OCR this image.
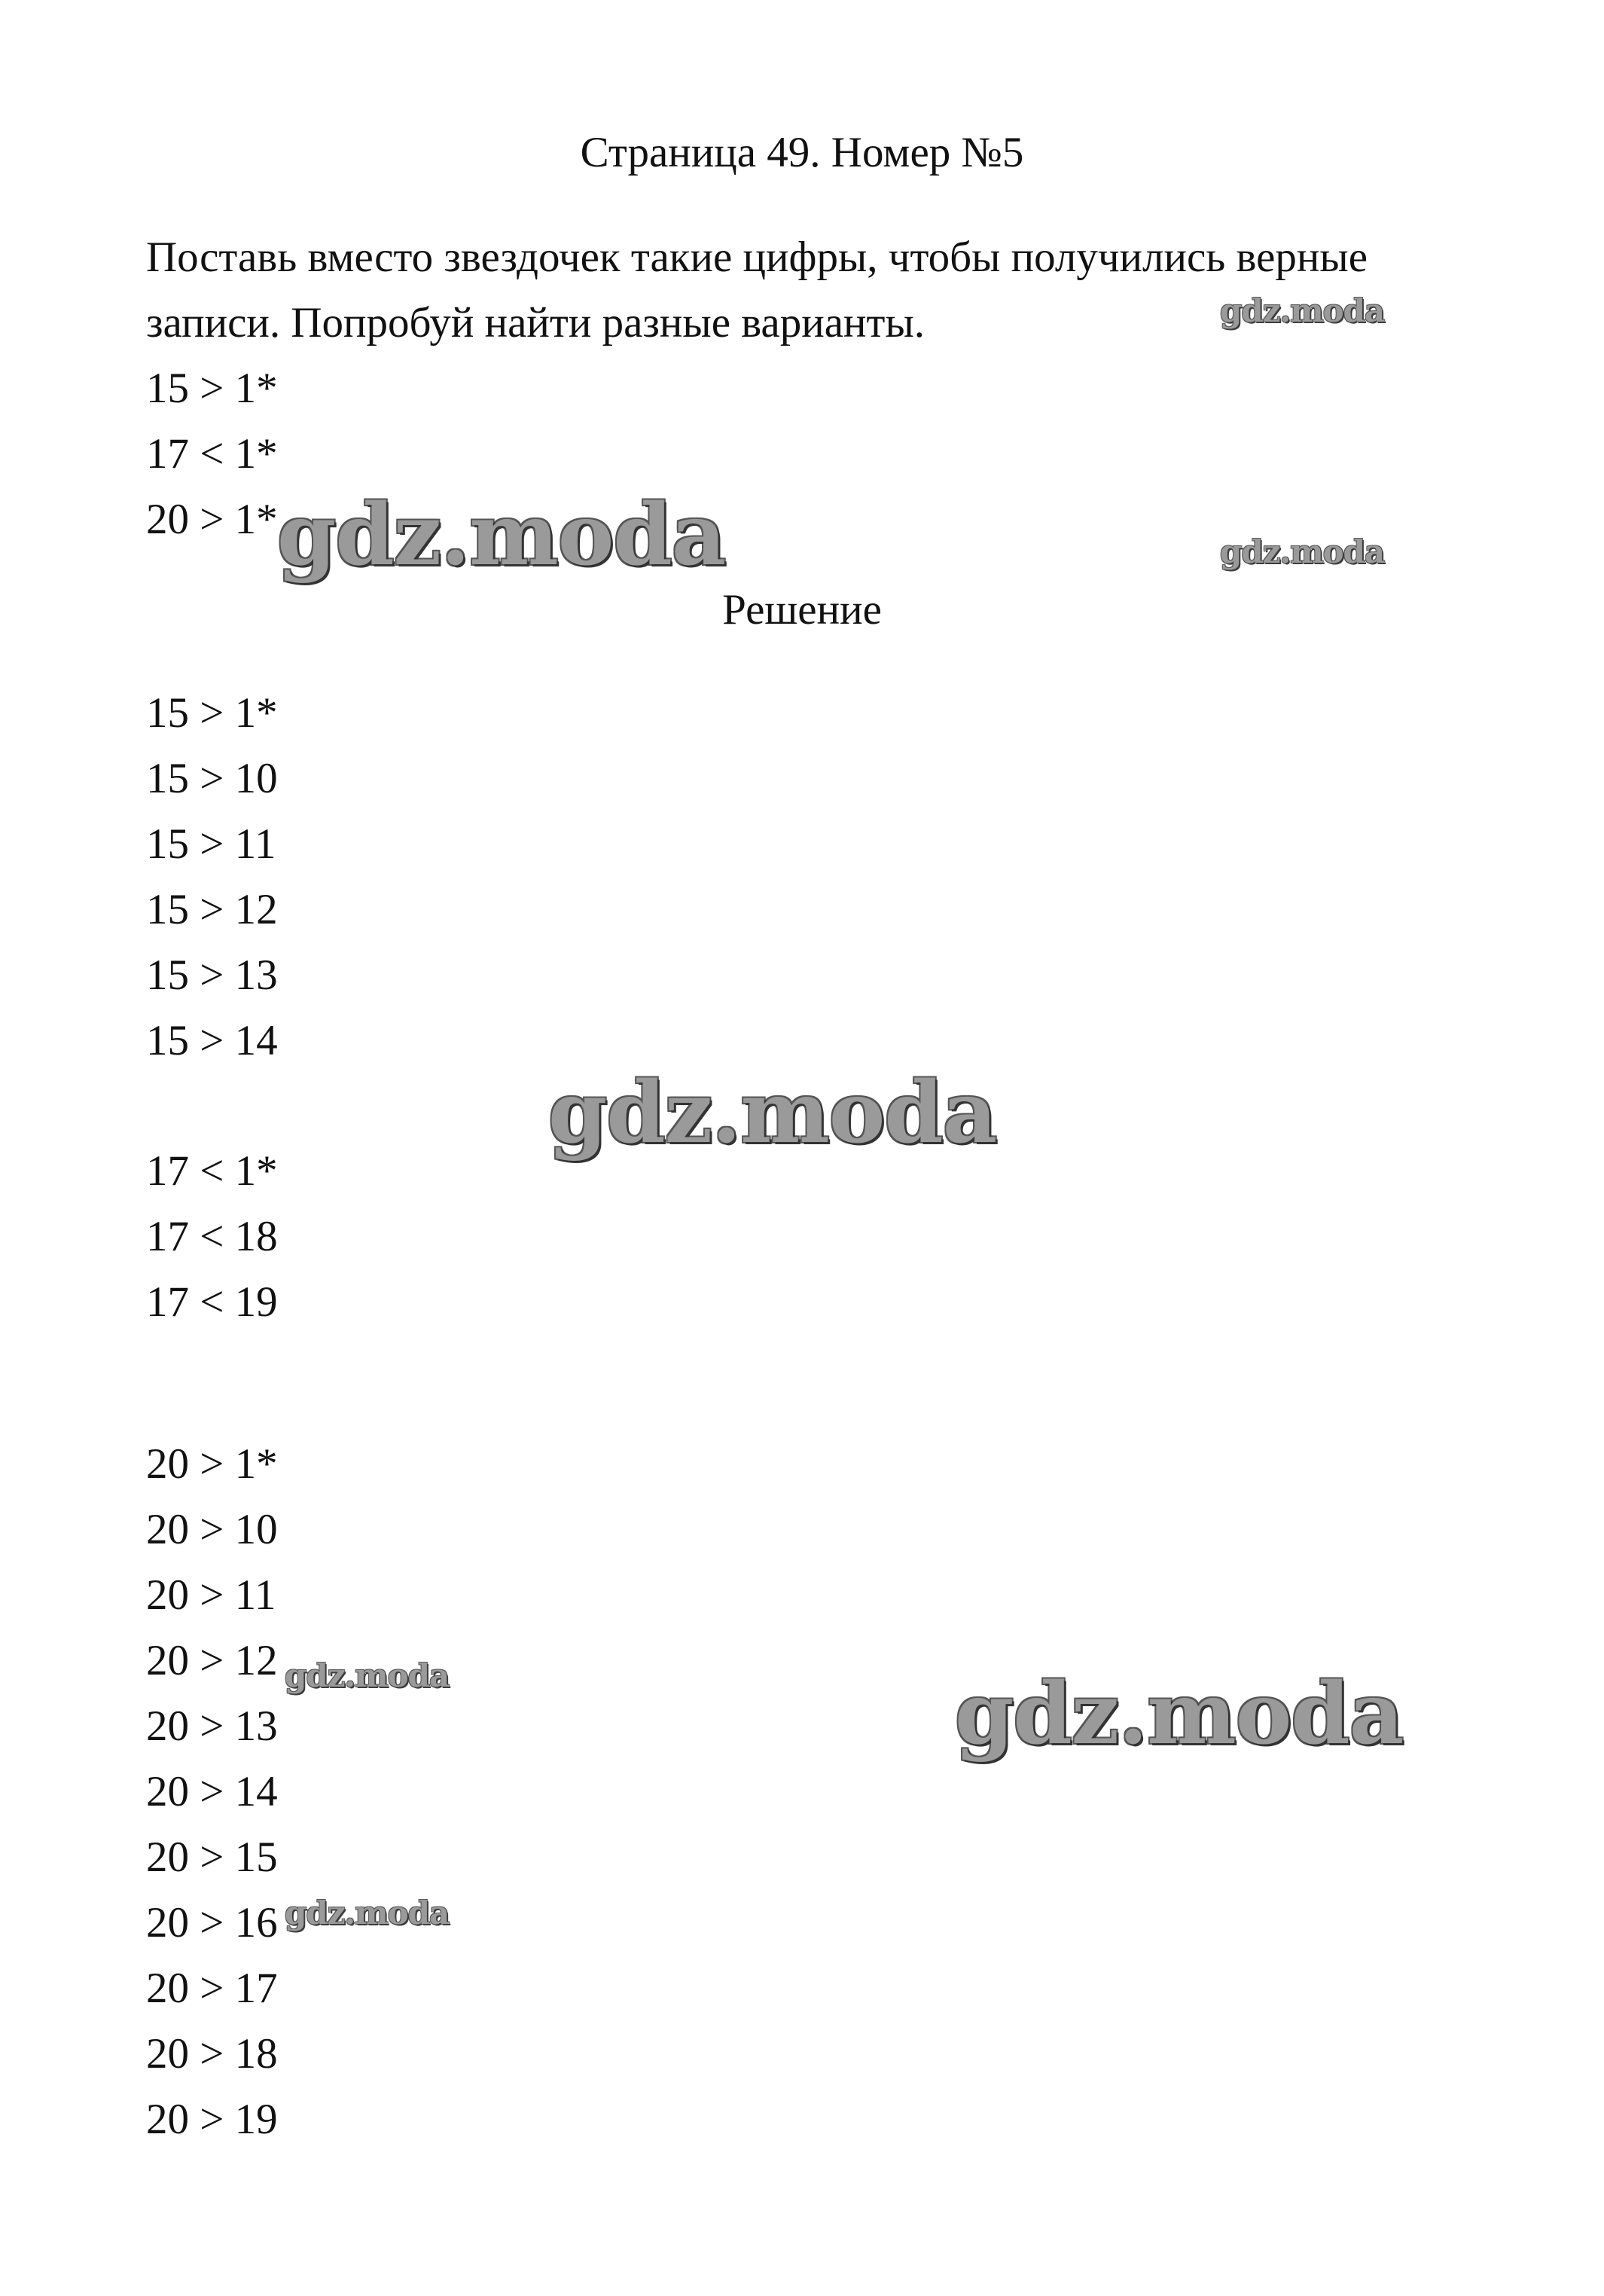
Страница 49. Номер №5
Поставь вместо звездочек такие цифры, чтобы получились верные
записи. Попробуй найти разные варианты.
15 > 1*
17 < 1*
20 > 1*
Решение
15 > 1*
15 > 10
15 > 11
15 > 12
15 > 13
15 > 14
17 < 1*
17 < 18
17 < 19
20 > 1*
20 > 10
20 > 11
20 > 12
20 > 13
20 > 14
20 > 15
20 > 16
20 > 17
20 > 18
20 > 19
gdz.moda
gdz.moda	gdz.moda
gdz.moda
gdz.moda	gdz.moda
gdz.moda
